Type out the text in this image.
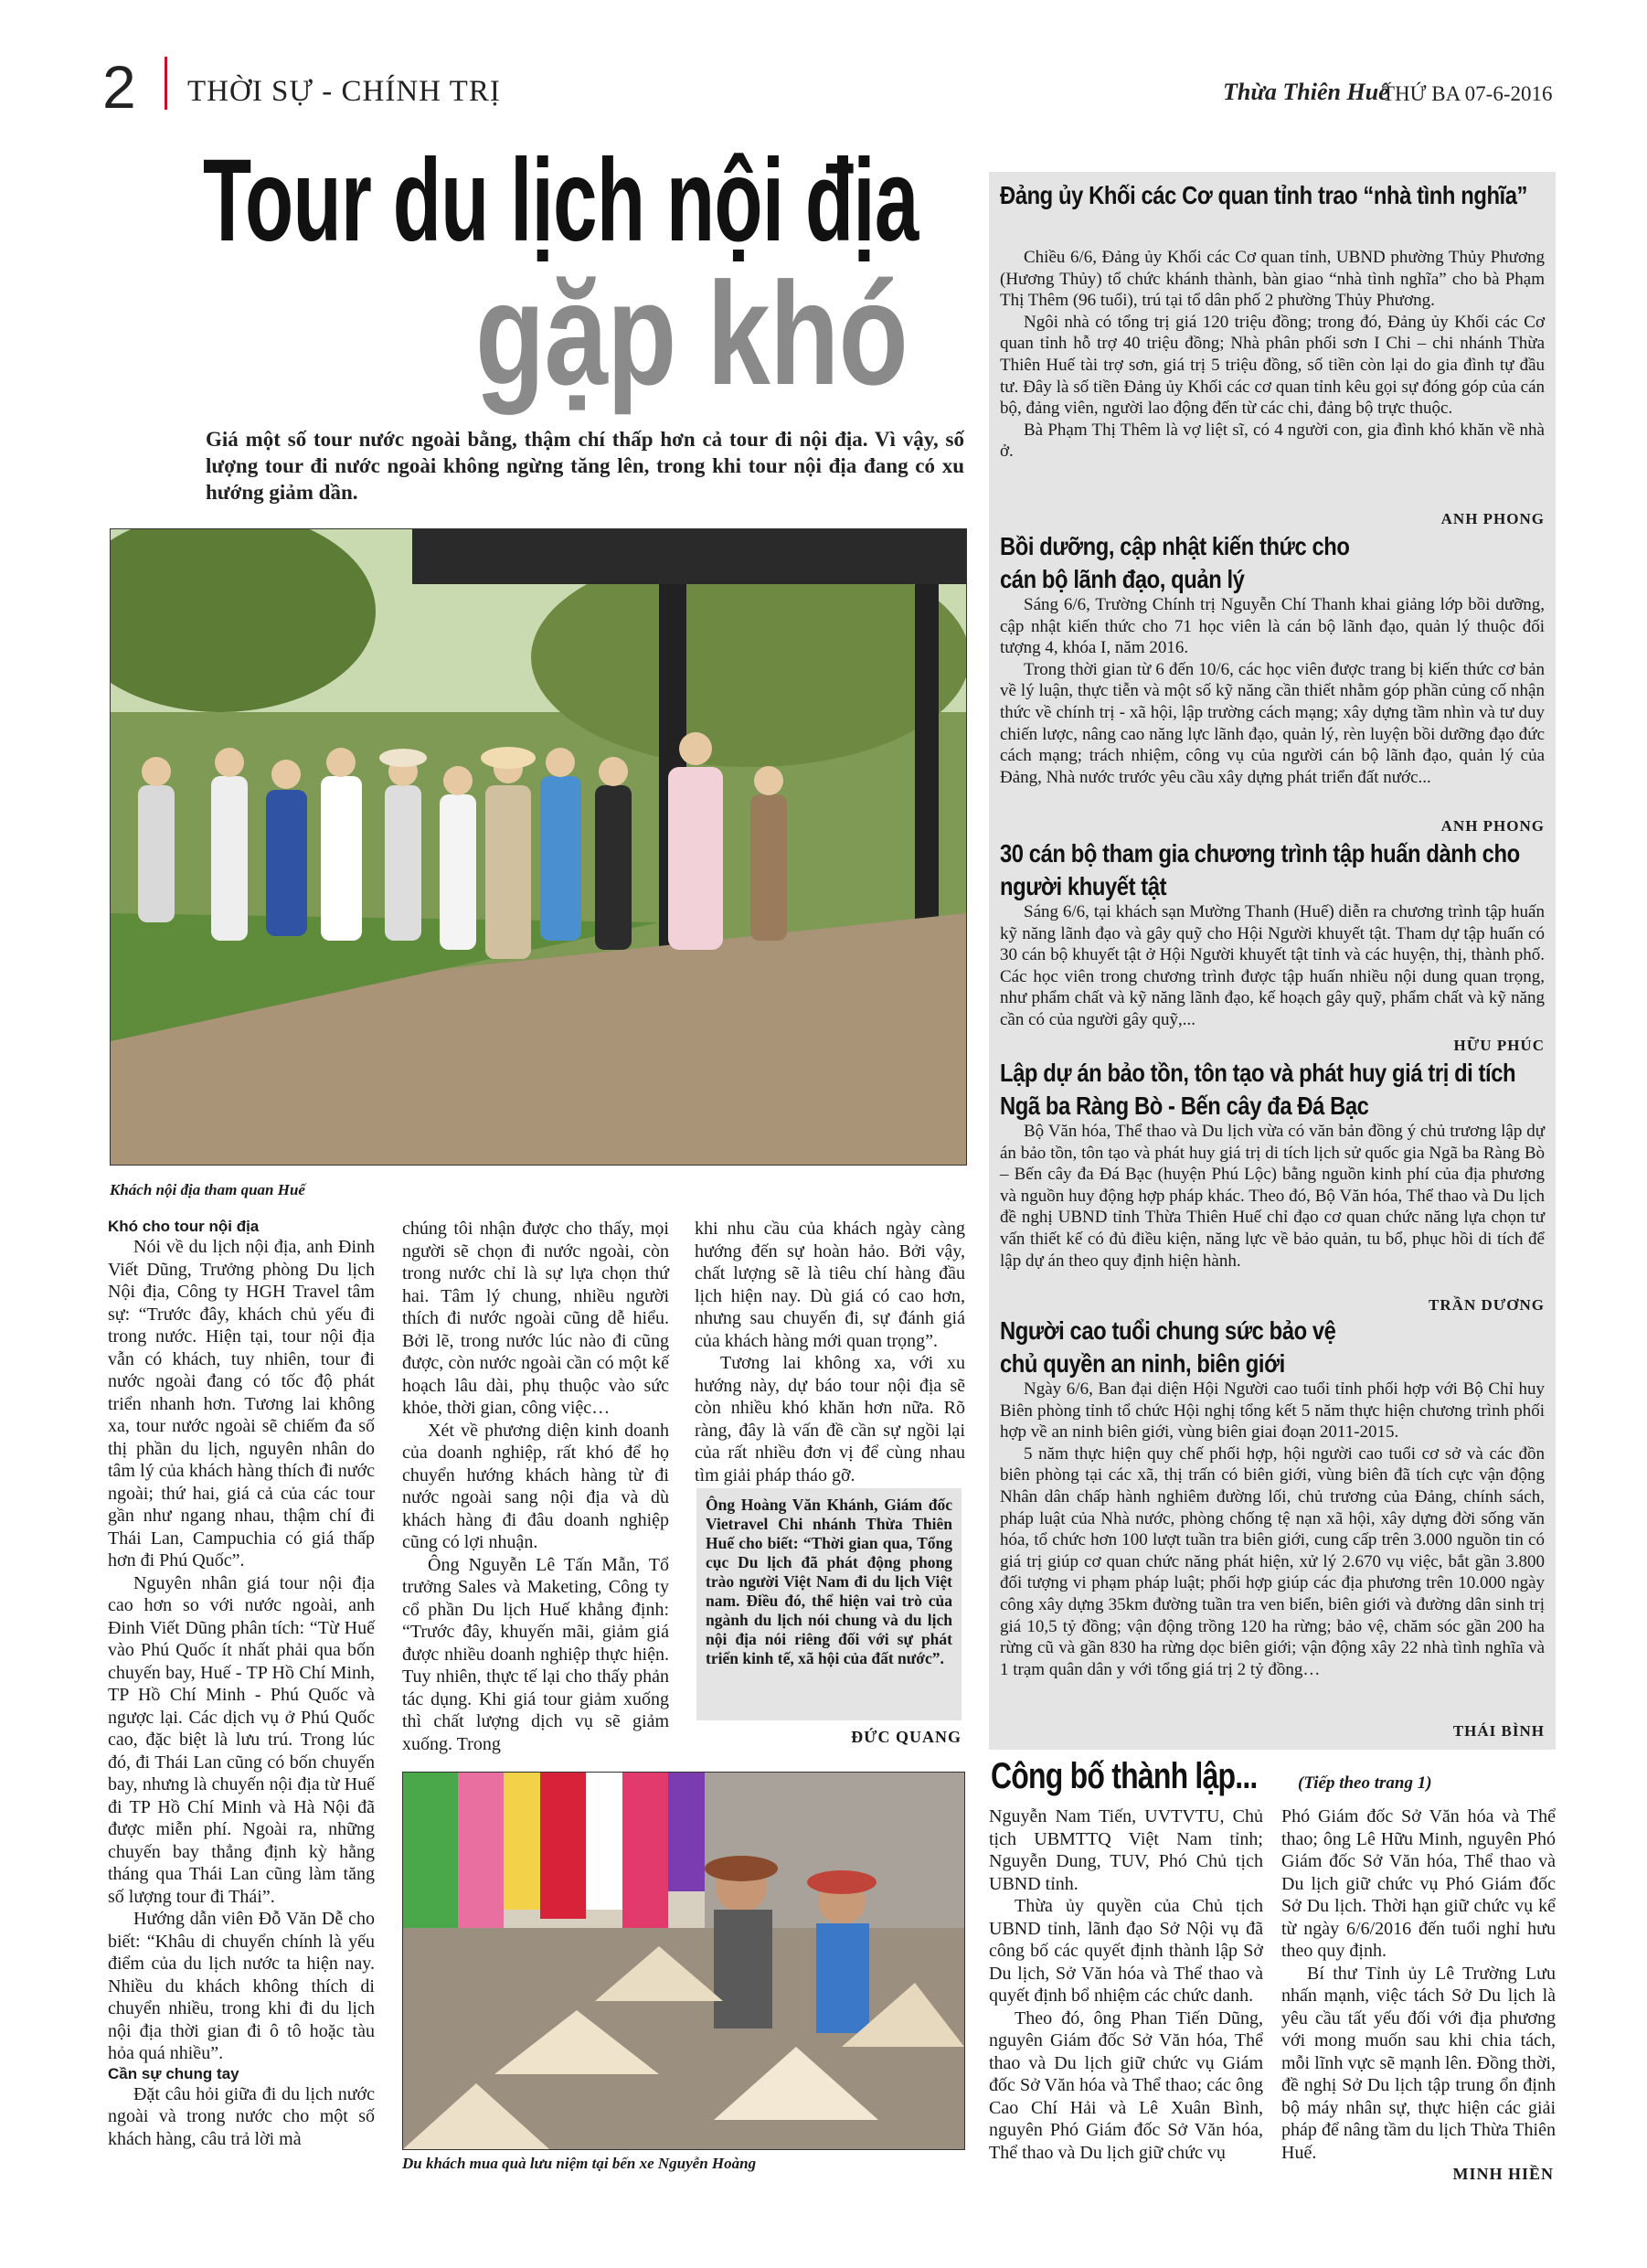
2 THỜI SỰ - CHÍNH TRỊ	Thừa Thiên Huế
THỨ BA 07-6-2016
Tour du lịch nội địa
gặp khó
Giá một số tour nước ngoài bằng, thậm chí thấp hơn cả tour đi nội địa. Vì vậy, số lượng tour đi nước ngoài không ngừng tăng lên, trong khi tour nội địa đang có xu hướng giảm dần.
Khách nội địa tham quan Huế
Khó cho tour nội địa
Nói về du lịch nội địa, anh Đinh Viết Dũng, Trưởng phòng Du lịch Nội địa, Công ty HGH Travel tâm sự: “Trước đây, khách chủ yếu đi trong nước. Hiện tại, tour nội địa vẫn có khách, tuy nhiên, tour đi nước ngoài đang có tốc độ phát triển nhanh hơn. Tương lai không xa, tour nước ngoài sẽ chiếm đa số thị phần du lịch, nguyên nhân do tâm lý của khách hàng thích đi nước ngoài; thứ hai, giá cả của các tour gần như ngang nhau, thậm chí đi Thái Lan, Campuchia có giá thấp hơn đi Phú Quốc”.
Nguyên nhân giá tour nội địa cao hơn so với nước ngoài, anh Đinh Viết Dũng phân tích: “Từ Huế vào Phú Quốc ít nhất phải qua bốn chuyến bay, Huế - TP Hồ Chí Minh, TP Hồ Chí Minh - Phú Quốc và ngược lại. Các dịch vụ ở Phú Quốc cao, đặc biệt là lưu trú. Trong lúc đó, đi Thái Lan cũng có bốn chuyến bay, nhưng là chuyến nội địa từ Huế đi TP Hồ Chí Minh và Hà Nội đã được miễn phí. Ngoài ra, những chuyến bay thẳng định kỳ hằng tháng qua Thái Lan cũng làm tăng số lượng tour đi Thái”.
Hướng dẫn viên Đỗ Văn Dễ cho biết: “Khâu di chuyển chính là yếu điểm của du lịch nước ta hiện nay. Nhiều du khách không thích di chuyển nhiều, trong khi đi du lịch nội địa thời gian đi ô tô hoặc tàu hỏa quá nhiều”.
Cần sự chung tay
Đặt câu hỏi giữa đi du lịch nước ngoài và trong nước cho một số khách hàng, câu trả lời mà
chúng tôi nhận được cho thấy, mọi người sẽ chọn đi nước ngoài, còn trong nước chỉ là sự lựa chọn thứ hai. Tâm lý chung, nhiều người thích đi nước ngoài cũng dễ hiểu. Bởi lẽ, trong nước lúc nào đi cũng được, còn nước ngoài cần có một kế hoạch lâu dài, phụ thuộc vào sức khỏe, thời gian, công việc…
Xét về phương diện kinh doanh của doanh nghiệp, rất khó để họ chuyển hướng khách hàng từ đi nước ngoài sang nội địa và dù khách hàng đi đâu doanh nghiệp cũng có lợi nhuận.
Ông Nguyễn Lê Tấn Mẫn, Tổ trưởng Sales và Maketing, Công ty cổ phần Du lịch Huế khẳng định: “Trước đây, khuyến mãi, giảm giá được nhiều doanh nghiệp thực hiện. Tuy nhiên, thực tế lại cho thấy phản tác dụng. Khi giá tour giảm xuống thì chất lượng dịch vụ sẽ giảm xuống. Trong
khi nhu cầu của khách ngày càng hướng đến sự hoàn hảo. Bởi vậy, chất lượng sẽ là tiêu chí hàng đầu lịch hiện nay. Dù giá có cao hơn, nhưng sau chuyến đi, sự đánh giá của khách hàng mới quan trọng”.
Tương lai không xa, với xu hướng này, dự báo tour nội địa sẽ còn nhiều khó khăn hơn nữa. Rõ ràng, đây là vấn đề cần sự ngồi lại của rất nhiều đơn vị để cùng nhau tìm giải pháp tháo gỡ.
Ông Hoàng Văn Khánh, Giám đốc Vietravel Chi nhánh Thừa Thiên Huế cho biết: “Thời gian qua, Tổng cục Du lịch đã phát động phong trào người Việt Nam đi du lịch Việt nam. Điều đó, thể hiện vai trò của ngành du lịch nói chung và du lịch nội địa nói riêng đối với sự phát triển kinh tế, xã hội của đất nước”.
ĐỨC QUANG
Du khách mua quà lưu niệm tại bến xe Nguyễn Hoàng
Đảng ủy Khối các Cơ quan tỉnh trao “nhà tình nghĩa”
Chiều 6/6, Đảng ủy Khối các Cơ quan tỉnh, UBND phường Thủy Phương (Hương Thủy) tổ chức khánh thành, bàn giao “nhà tình nghĩa” cho bà Phạm Thị Thêm (96 tuổi), trú tại tổ dân phố 2 phường Thủy Phương.
Ngôi nhà có tổng trị giá 120 triệu đồng; trong đó, Đảng ủy Khối các Cơ quan tỉnh hỗ trợ 40 triệu đồng; Nhà phân phối sơn I Chi – chi nhánh Thừa Thiên Huế tài trợ sơn, giá trị 5 triệu đồng, số tiền còn lại do gia đình tự đầu tư. Đây là số tiền Đảng ủy Khối các cơ quan tỉnh kêu gọi sự đóng góp của cán bộ, đảng viên, người lao động đến từ các chi, đảng bộ trực thuộc.
Bà Phạm Thị Thêm là vợ liệt sĩ, có 4 người con, gia đình khó khăn về nhà ở.
ANH PHONG
Bồi dưỡng, cập nhật kiến thức cho cán bộ lãnh đạo, quản lý
Sáng 6/6, Trường Chính trị Nguyễn Chí Thanh khai giảng lớp bồi dưỡng, cập nhật kiến thức cho 71 học viên là cán bộ lãnh đạo, quản lý thuộc đối tượng 4, khóa I, năm 2016.
Trong thời gian từ 6 đến 10/6, các học viên được trang bị kiến thức cơ bản về lý luận, thực tiễn và một số kỹ năng cần thiết nhằm góp phần củng cố nhận thức về chính trị - xã hội, lập trường cách mạng; xây dựng tầm nhìn và tư duy chiến lược, nâng cao năng lực lãnh đạo, quản lý, rèn luyện bồi dưỡng đạo đức cách mạng; trách nhiệm, công vụ của người cán bộ lãnh đạo, quản lý của Đảng, Nhà nước trước yêu cầu xây dựng phát triển đất nước...
ANH PHONG
30 cán bộ tham gia chương trình tập huấn dành cho người khuyết tật
Sáng 6/6, tại khách sạn Mường Thanh (Huế) diễn ra chương trình tập huấn kỹ năng lãnh đạo và gây quỹ cho Hội Người khuyết tật. Tham dự tập huấn có 30 cán bộ khuyết tật ở Hội Người khuyết tật tỉnh và các huyện, thị, thành phố. Các học viên trong chương trình được tập huấn nhiều nội dung quan trọng, như phẩm chất và kỹ năng lãnh đạo, kế hoạch gây quỹ, phẩm chất và kỹ năng cần có của người gây quỹ,...
HỮU PHÚC
Lập dự án bảo tồn, tôn tạo và phát huy giá trị di tích Ngã ba Ràng Bò - Bến cây đa Đá Bạc
Bộ Văn hóa, Thể thao và Du lịch vừa có văn bản đồng ý chủ trương lập dự án bảo tồn, tôn tạo và phát huy giá trị di tích lịch sử quốc gia Ngã ba Ràng Bò – Bến cây đa Đá Bạc (huyện Phú Lộc) bằng nguồn kinh phí của địa phương và nguồn huy động hợp pháp khác. Theo đó, Bộ Văn hóa, Thể thao và Du lịch đề nghị UBND tỉnh Thừa Thiên Huế chỉ đạo cơ quan chức năng lựa chọn tư vấn thiết kế có đủ điều kiện, năng lực về bảo quản, tu bổ, phục hồi di tích để lập dự án theo quy định hiện hành.
TRẦN DƯƠNG
Người cao tuổi chung sức bảo vệ chủ quyền an ninh, biên giới
Ngày 6/6, Ban đại diện Hội Người cao tuổi tỉnh phối hợp với Bộ Chỉ huy Biên phòng tỉnh tổ chức Hội nghị tổng kết 5 năm thực hiện chương trình phối hợp về an ninh biên giới, vùng biên giai đoạn 2011-2015.
5 năm thực hiện quy chế phối hợp, hội người cao tuổi cơ sở và các đồn biên phòng tại các xã, thị trấn có biên giới, vùng biên đã tích cực vận động Nhân dân chấp hành nghiêm đường lối, chủ trương của Đảng, chính sách, pháp luật của Nhà nước, phòng chống tệ nạn xã hội, xây dựng đời sống văn hóa, tổ chức hơn 100 lượt tuần tra biên giới, cung cấp trên 3.000 nguồn tin có giá trị giúp cơ quan chức năng phát hiện, xử lý 2.670 vụ việc, bắt gần 3.800 đối tượng vi phạm pháp luật; phối hợp giúp các địa phương trên 10.000 ngày công xây dựng 35km đường tuần tra ven biển, biên giới và đường dân sinh trị giá 10,5 tỷ đồng; vận động trồng 120 ha rừng; bảo vệ, chăm sóc gần 200 ha rừng cũ và gần 830 ha rừng dọc biên giới; vận động xây 22 nhà tình nghĩa và 1 trạm quân dân y với tổng giá trị 2 tỷ đồng…
THÁI BÌNH
Công bố thành lập... (Tiếp theo trang 1)
Nguyễn Nam Tiến, UVTVTU, Chủ tịch UBMTTQ Việt Nam tỉnh; Nguyễn Dung, TUV, Phó Chủ tịch UBND tỉnh.
Thừa ủy quyền của Chủ tịch UBND tỉnh, lãnh đạo Sở Nội vụ đã công bố các quyết định thành lập Sở Du lịch, Sở Văn hóa và Thể thao và quyết định bổ nhiệm các chức danh.
Theo đó, ông Phan Tiến Dũng, nguyên Giám đốc Sở Văn hóa, Thể thao và Du lịch giữ chức vụ Giám đốc Sở Văn hóa và Thể thao; các ông Cao Chí Hải và Lê Xuân Bình, nguyên Phó Giám đốc Sở Văn hóa, Thể thao và Du lịch giữ chức vụ
Phó Giám đốc Sở Văn hóa và Thể thao; ông Lê Hữu Minh, nguyên Phó Giám đốc Sở Văn hóa, Thể thao và Du lịch giữ chức vụ Phó Giám đốc Sở Du lịch. Thời hạn giữ chức vụ kể từ ngày 6/6/2016 đến tuổi nghỉ hưu theo quy định.
Bí thư Tỉnh ủy Lê Trường Lưu nhấn mạnh, việc tách Sở Du lịch là yêu cầu tất yếu đối với địa phương với mong muốn sau khi chia tách, mỗi lĩnh vực sẽ mạnh lên. Đồng thời, đề nghị Sở Du lịch tập trung ổn định bộ máy nhân sự, thực hiện các giải pháp để nâng tầm du lịch Thừa Thiên Huế.
MINH HIỀN
